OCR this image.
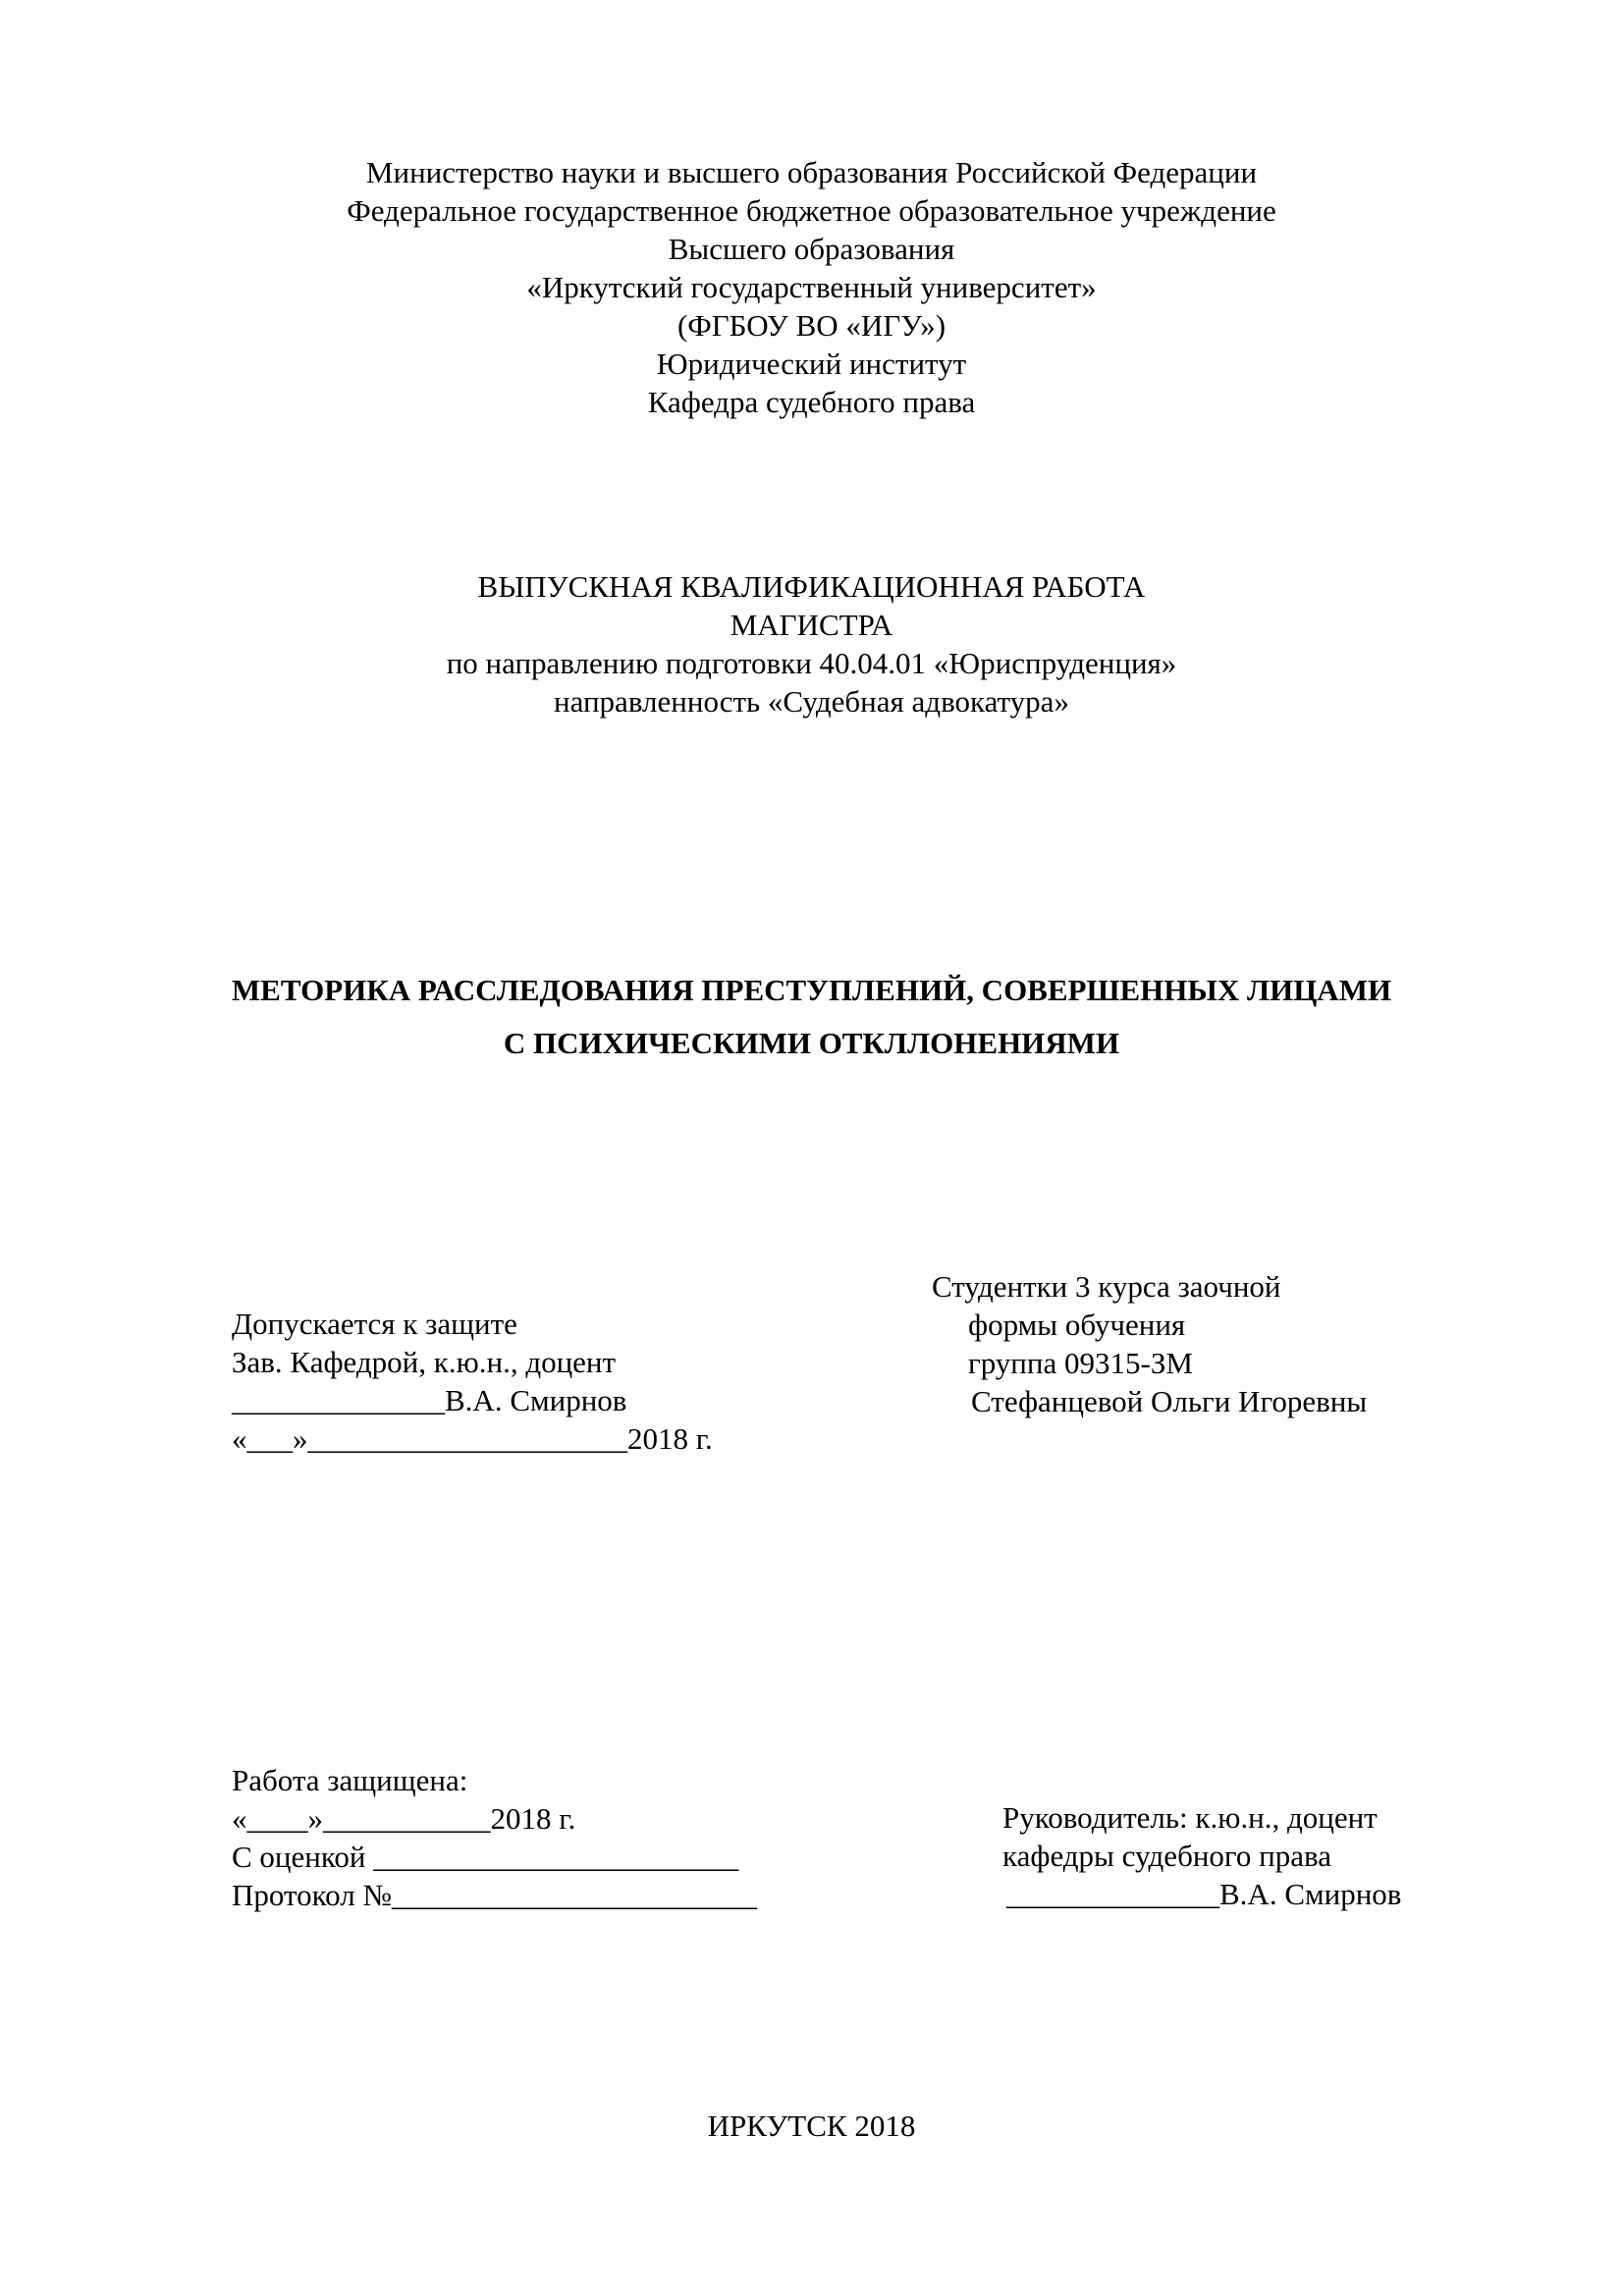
Министерство науки и высшего образования Российской Федерации
Федеральное государственное бюджетное образовательное учреждение
Высшего образования
«Иркутский государственный университет»
(ФГБОУ ВО «ИГУ»)
Юридический институт
Кафедра судебного права
ВЫПУСКНАЯ КВАЛИФИКАЦИОННАЯ РАБОТА
МАГИСТРА
по направлению подготовки 40.04.01 «Юриспруденция»
направленность «Судебная адвокатура»
МЕТОРИКА РАССЛЕДОВАНИЯ ПРЕСТУПЛЕНИЙ, СОВЕРШЕННЫХ ЛИЦАМИ
С ПСИХИЧЕСКИМИ ОТКЛЛОНЕНИЯМИ
Студентки 3 курса заочной
формы обучения
группа 09315-ЗМ
Стефанцевой Ольги Игоревны
Допускается к защите
Зав. Кафедрой, к.ю.н., доцент
______________В.А. Смирнов
«___»_____________________2018 г.
Работа защищена:
«____»___________2018 г.
С оценкой ________________________
Протокол №________________________
Руководитель: к.ю.н., доцент
кафедры судебного права
______________В.А. Смирнов
ИРКУТСК 2018
